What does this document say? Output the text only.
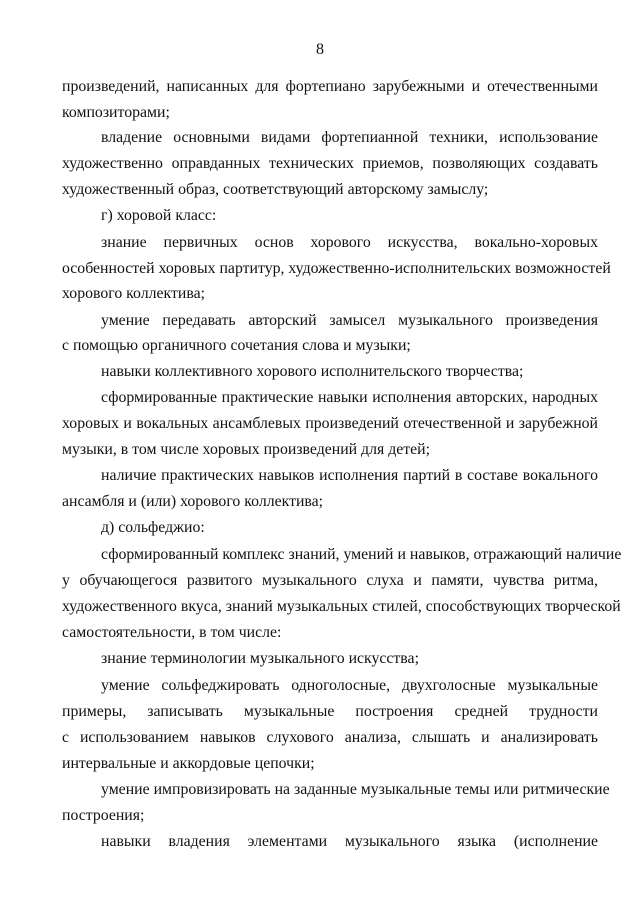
8
произведений, написанных для фортепиано зарубежными и отечественными
композиторами;
владение основными видами фортепианной техники, использование
художественно оправданных технических приемов, позволяющих создавать
художественный образ, соответствующий авторскому замыслу;
г) хоровой класс:
знание первичных основ хорового искусства, вокально-хоровых
особенностей хоровых партитур, художественно-исполнительских возможностей
хорового коллектива;
умение передавать авторский замысел музыкального произведения
с помощью органичного сочетания слова и музыки;
навыки коллективного хорового исполнительского творчества;
сформированные практические навыки исполнения авторских, народных
хоровых и вокальных ансамблевых произведений отечественной и зарубежной
музыки, в том числе хоровых произведений для детей;
наличие практических навыков исполнения партий в составе вокального
ансамбля и (или) хорового коллектива;
д) сольфеджио:
сформированный комплекс знаний, умений и навыков, отражающий наличие
у обучающегося развитого музыкального слуха и памяти, чувства ритма,
художественного вкуса, знаний музыкальных стилей, способствующих творческой
самостоятельности, в том числе:
знание терминологии музыкального искусства;
умение сольфеджировать одноголосные, двухголосные музыкальные
примеры, записывать музыкальные построения средней трудности
с использованием навыков слухового анализа, слышать и анализировать
интервальные и аккордовые цепочки;
умение импровизировать на заданные музыкальные темы или ритмические
построения;
навыки владения элементами музыкального языка (исполнение
